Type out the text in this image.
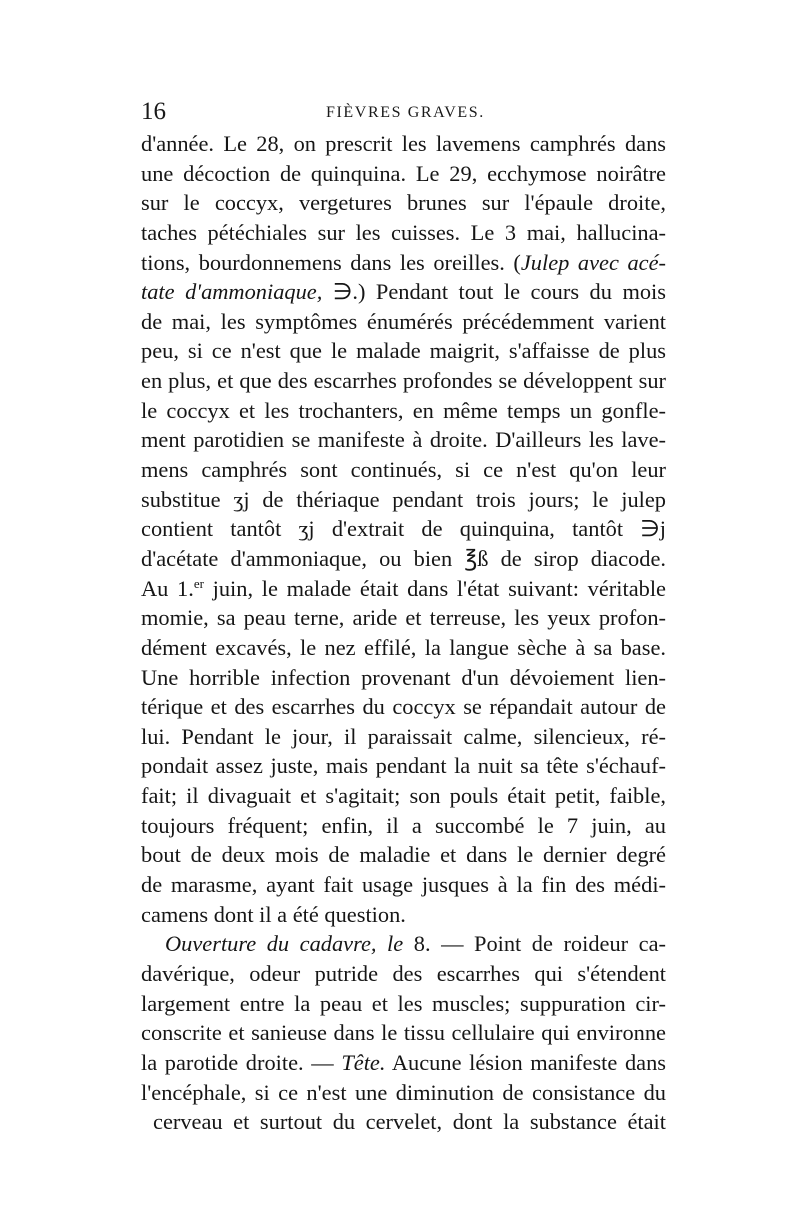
16	FIÈVRES GRAVES.
d'année. Le 28, on prescrit les lavemens camphrés dans
une décoction de quinquina. Le 29, ecchymose noirâtre
sur le coccyx, vergetures brunes sur l'épaule droite,
taches pétéchiales sur les cuisses. Le 3 mai, hallucina-
tions, bourdonnemens dans les oreilles. (Julep avec acé-
tate d'ammoniaque, ∋.) Pendant tout le cours du mois
de mai, les symptômes énumérés précédemment varient
peu, si ce n'est que le malade maigrit, s'affaisse de plus
en plus, et que des escarrhes profondes se développent sur
le coccyx et les trochanters, en même temps un gonfle-
ment parotidien se manifeste à droite. D'ailleurs les lave-
mens camphrés sont continués, si ce n'est qu'on leur
substitue ʒj de thériaque pendant trois jours; le julep
contient tantôt ʒj d'extrait de quinquina, tantôt ∋j
d'acétate d'ammoniaque, ou bien ℥ß de sirop diacode.
Au 1.$^{er}$ juin, le malade était dans l'état suivant: véritable
momie, sa peau terne, aride et terreuse, les yeux profon-
dément excavés, le nez effilé, la langue sèche à sa base.
Une horrible infection provenant d'un dévoiement lien-
térique et des escarrhes du coccyx se répandait autour de
lui. Pendant le jour, il paraissait calme, silencieux, ré-
pondait assez juste, mais pendant la nuit sa tête s'échauf-
fait; il divaguait et s'agitait; son pouls était petit, faible,
toujours fréquent; enfin, il a succombé le 7 juin, au
bout de deux mois de maladie et dans le dernier degré
de marasme, ayant fait usage jusques à la fin des médi-
camens dont il a été question.
Ouverture du cadavre, le 8. — Point de roideur ca-
davérique, odeur putride des escarrhes qui s'étendent
largement entre la peau et les muscles; suppuration cir-
conscrite et sanieuse dans le tissu cellulaire qui environne
la parotide droite. — Tête. Aucune lésion manifeste dans
l'encéphale, si ce n'est une diminution de consistance du
cerveau et surtout du cervelet, dont la substance était
